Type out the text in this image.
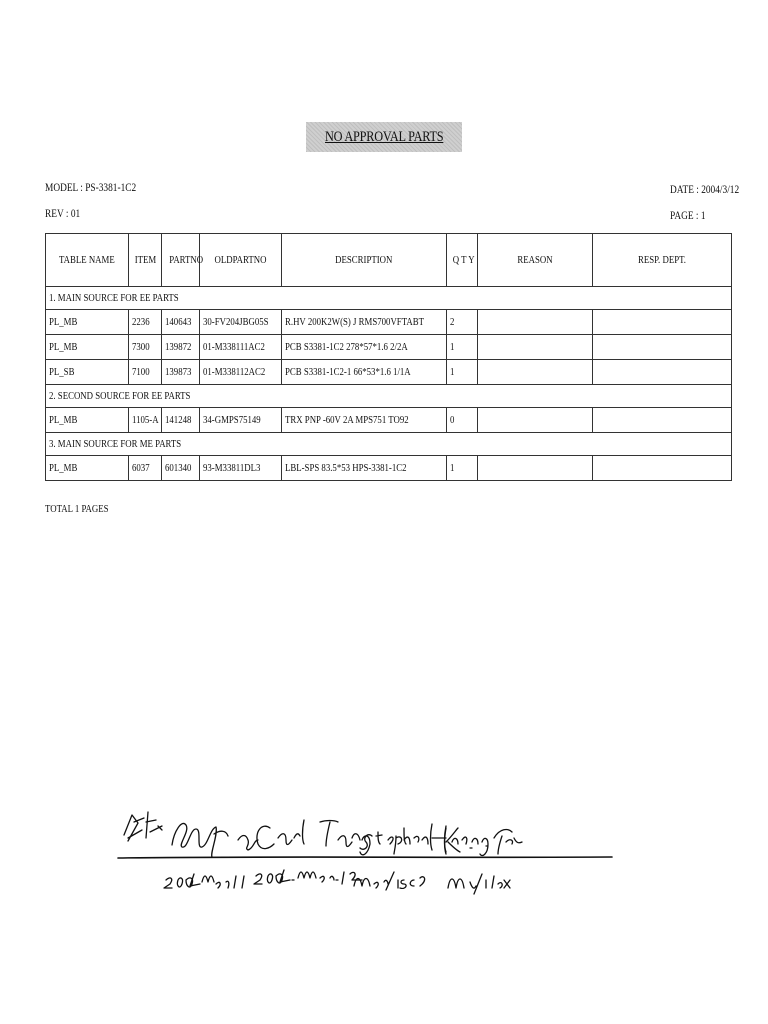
NO APPROVAL PARTS
MODEL : PS-3381-1C2
REV : 01
DATE : 2004/3/12
PAGE : 1
TABLE NAME	ITEM	PARTNO	OLDPARTNO	DESCRIPTION	Q T Y	REASON	RESP. DEPT.
1. MAIN SOURCE FOR EE PARTS							
PL_MB	2236	140643	30-FV204JBG05S	R.HV 200K2W(S) J RMS700VFTABT	2		
PL_MB	7300	139872	01-M338111AC2	PCB S3381-1C2 278*57*1.6 2/2A	1		
PL_SB	7100	139873	01-M338112AC2	PCB S3381-1C2-1 66*53*1.6 1/1A	1		
2. SECOND SOURCE FOR EE PARTS							
PL_MB	1105-A	141248	34-GMPS75149	TRX PNP -60V 2A MPS751 TO92	0		
3. MAIN SOURCE FOR ME PARTS							
PL_MB	6037	601340	93-M33811DL3	LBL-SPS 83.5*53 HPS-3381-1C2	1		
TOTAL 1 PAGES
